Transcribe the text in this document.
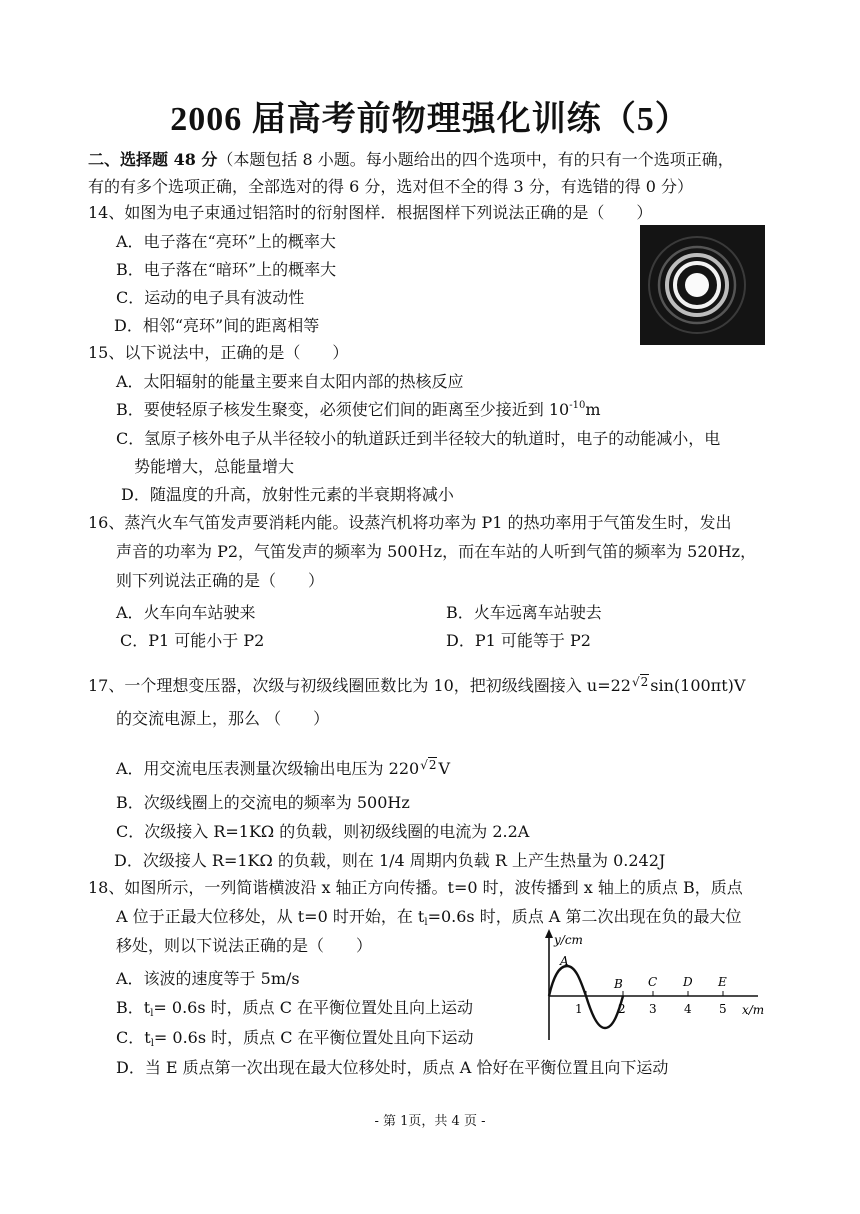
2006 届高考前物理强化训练（5）
二、选择题 48 分（本题包括 8 小题。每小题给出的四个选项中，有的只有一个选项正确，
有的有多个选项正确，全部选对的得 6 分，选对但不全的得 3 分，有选错的得 0 分）
14、如图为电子束通过铝箔时的衍射图样．根据图样下列说法正确的是（　　）
A．电子落在“亮环”上的概率大
B．电子落在“暗环”上的概率大
C．运动的电子具有波动性
D．相邻“亮环”间的距离相等
15、以下说法中，正确的是（　　）
A．太阳辐射的能量主要来自太阳内部的热核反应
B．要使轻原子核发生聚变，必须使它们间的距离至少接近到 $10^{-10}m$
C．氢原子核外电子从半径较小的轨道跃迁到半径较大的轨道时，电子的动能减小，电
势能增大，总能量增大
D．随温度的升高，放射性元素的半衰期将减小
16、蒸汽火车气笛发声要消耗内能。设蒸汽机将功率为 P1 的热功率用于气笛发生时，发出
声音的功率为 P2，气笛发声的频率为 500Ｈz，而在车站的人听到气笛的频率为 520Hz，
则下列说法正确的是（　　）
A．火车向车站驶来	B．火车远离车站驶去
C．P1 可能小于 P2	D．P1 可能等于 P2
17、一个理想变压器，次级与初级线圈匝数比为 10，把初级线圈接入 u=22√2 sin(100πt)V
的交流电源上，那么 （　　）
A．用交流电压表测量次级输出电压为 220√2 V
B．次级线圈上的交流电的频率为 500Hz
C．次级接入 R=1KΩ 的负载，则初级线圈的电流为 2.2A
D．次级接人 R=1KΩ 的负载，则在 1/4 周期内负载 R 上产生热量为 0.242J
18、如图所示，一列简谐横波沿 x 轴正方向传播。t=0 时，波传播到 x 轴上的质点 B，质点
A 位于正最大位移处，从 t=0 时开始，在 $t_l=0.6s$ 时，质点 A 第二次出现在负的最大位
移处，则以下说法正确的是（　　）
A．该波的速度等于 5m/s
B．$t_l= 0.6s$ 时，质点 C 在平衡位置处且向上运动
C．$t_l= 0.6s$ 时，质点 C 在平衡位置处且向下运动
D．当 E 质点第一次出现在最大位移处时，质点 A 恰好在平衡位置且向下运动
y/cm
A
B C D E
1	2 3 4 5 x/m
- 第 1页，共 4 页 -
